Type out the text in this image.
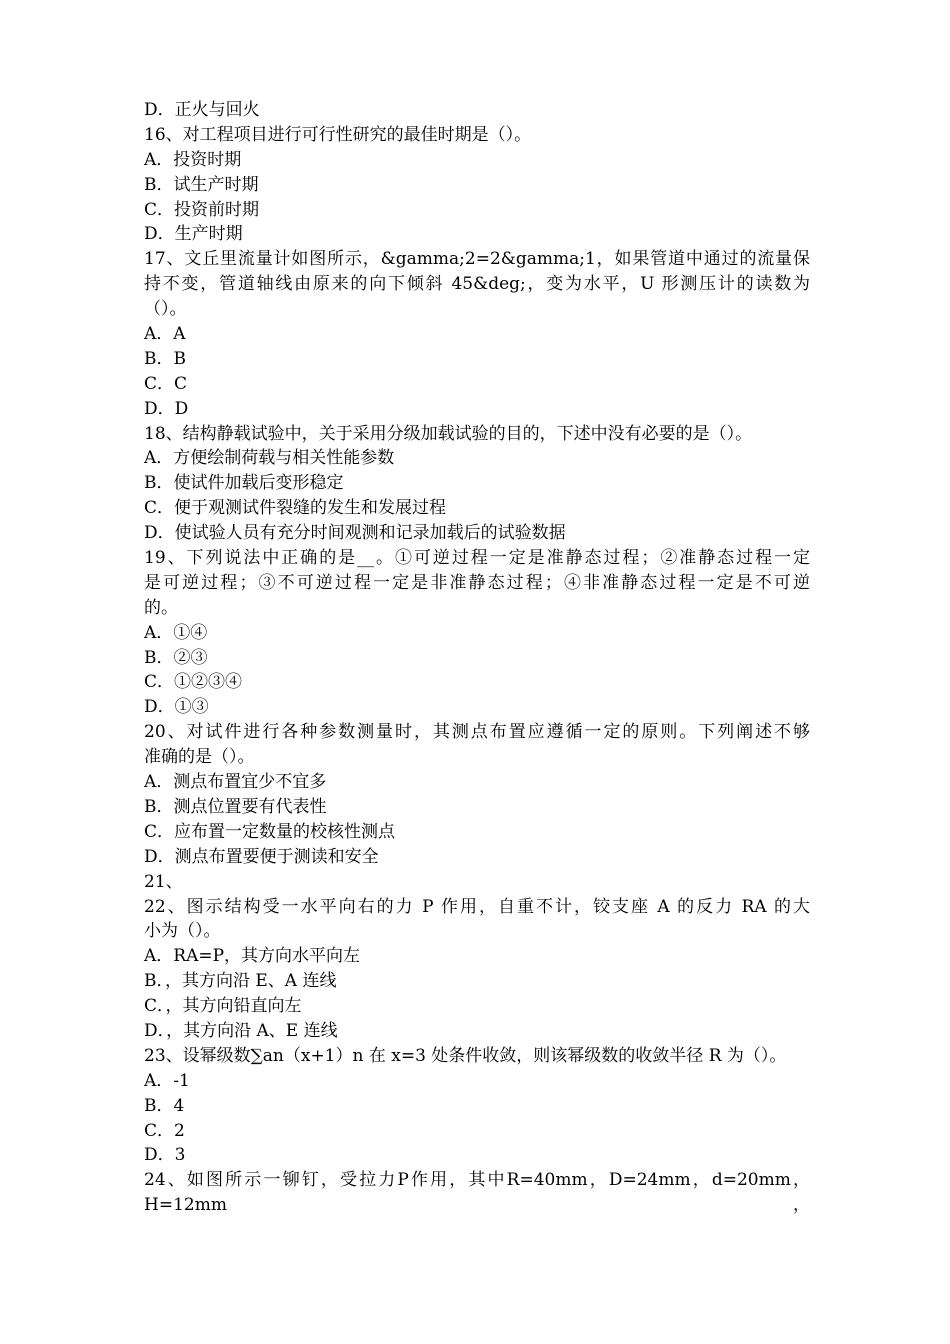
D．正火与回火
16、对工程项目进行可行性研究的最佳时期是（）。
A．投资时期
B．试生产时期
C．投资前时期
D．生产时期
17、文丘里流量计如图所示，&gamma;2=2&gamma;1，如果管道中通过的流量保
持不变，管道轴线由原来的向下倾斜 45&deg;，变为水平，U 形测压计的读数为
（）。
A．A
B．B
C．C
D．D
18、结构静载试验中，关于采用分级加载试验的目的，下述中没有必要的是（）。
A．方便绘制荷载与相关性能参数
B．使试件加载后变形稳定
C．便于观测试件裂缝的发生和发展过程
D．使试验人员有充分时间观测和记录加载后的试验数据
19、下列说法中正确的是__。①可逆过程一定是准静态过程；②准静态过程一定
是可逆过程；③不可逆过程一定是非准静态过程；④非准静态过程一定是不可逆
的。
A．①④
B．②③
C．①②③④
D．①③
20、对试件进行各种参数测量时，其测点布置应遵循一定的原则。下列阐述不够
准确的是（）。
A．测点布置宜少不宜多
B．测点位置要有代表性
C．应布置一定数量的校核性测点
D．测点布置要便于测读和安全
21、
22、图示结构受一水平向右的力 P 作用，自重不计，铰支座 A 的反力 RA 的大
小为（）。
A．RA=P，其方向水平向左
B．，其方向沿 E、A 连线
C．，其方向铅直向左
D．，其方向沿 A、E 连线
23、设幂级数∑an（x+1）n 在 x=3 处条件收敛，则该幂级数的收敛半径 R 为（）。
A．-1
B．4
C．2
D．3
24、如图所示一铆钉，受拉力P作用，其中R=40mm，D=24mm，d=20mm，H=12mm，
